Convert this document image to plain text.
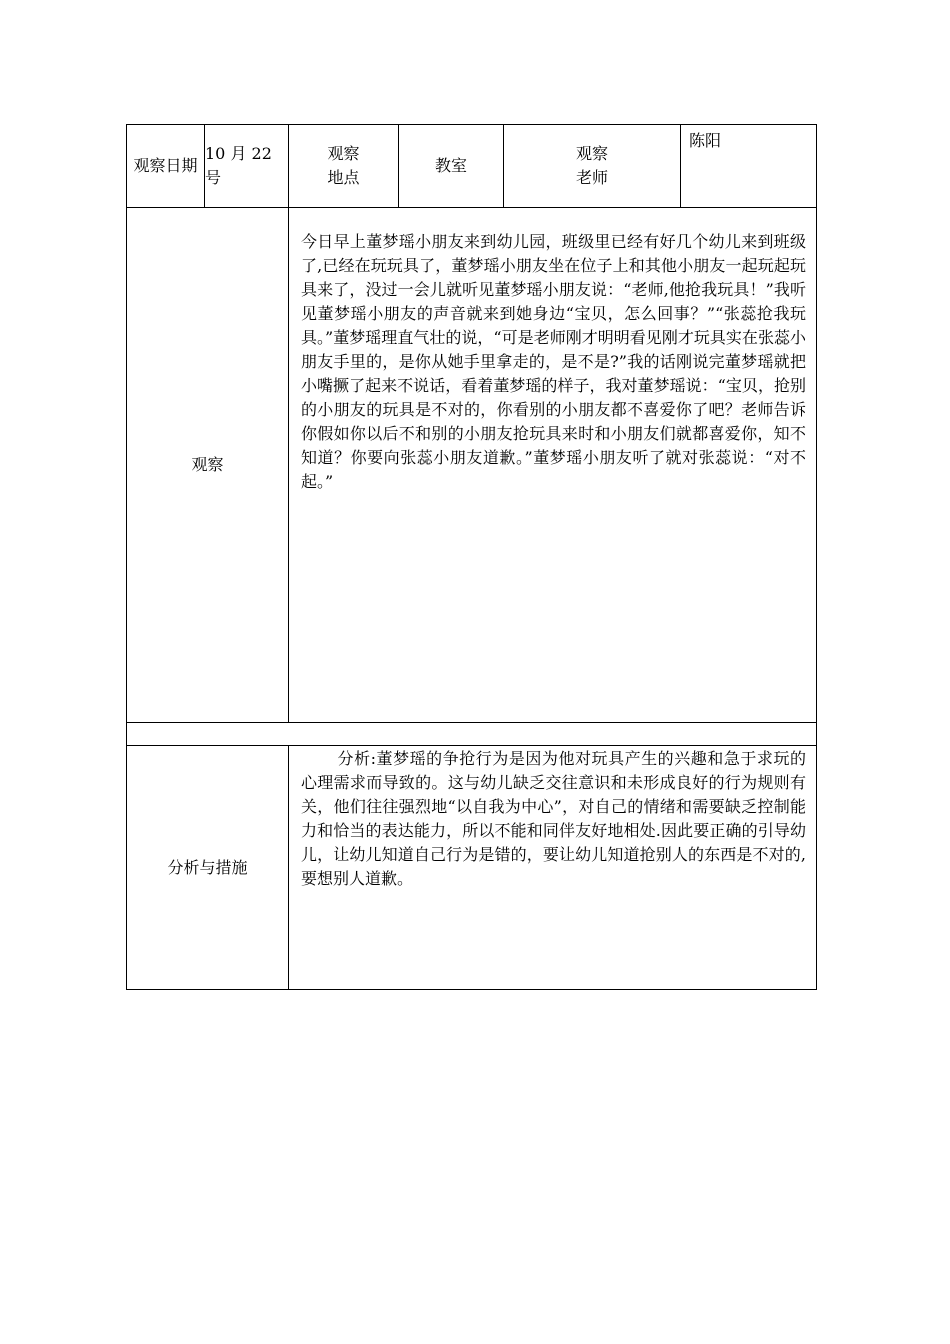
观察日期	10 月 22 号	观察地点	教室	观察老师	陈阳
观察		今日早上董梦瑶小朋友来到幼儿园，班级里已经有好几个幼儿来到班级了,已经在玩玩具了，董梦瑶小朋友坐在位子上和其他小朋友一起玩起玩具来了，没过一会儿就听见董梦瑶小朋友说：“老师,他抢我玩具！”我听见董梦瑶小朋友的声音就来到她身边“宝贝，怎么回事？”“张蕊抢我玩具。”董梦瑶理直气壮的说，“可是老师刚才明明看见刚才玩具实在张蕊小朋友手里的，是你从她手里拿走的，是不是?”我的话刚说完董梦瑶就把小嘴撅了起来不说话，看着董梦瑶的样子，我对董梦瑶说：“宝贝，抢别的小朋友的玩具是不对的，你看别的小朋友都不喜爱你了吧？老师告诉你假如你以后不和别的小朋友抢玩具来时和小朋友们就都喜爱你，知不知道？你要向张蕊小朋友道歉。”董梦瑶小朋友听了就对张蕊说：“对不起。”			

分析与措施		分析:董梦瑶的争抢行为是因为他对玩具产生的兴趣和急于求玩的心理需求而导致的。这与幼儿缺乏交往意识和未形成良好的行为规则有关，他们往往强烈地“以自我为中心”，对自己的情绪和需要缺乏控制能力和恰当的表达能力，所以不能和同伴友好地相处.因此要正确的引导幼儿，让幼儿知道自己行为是错的，要让幼儿知道抢别人的东西是不对的,要想别人道歉。			
